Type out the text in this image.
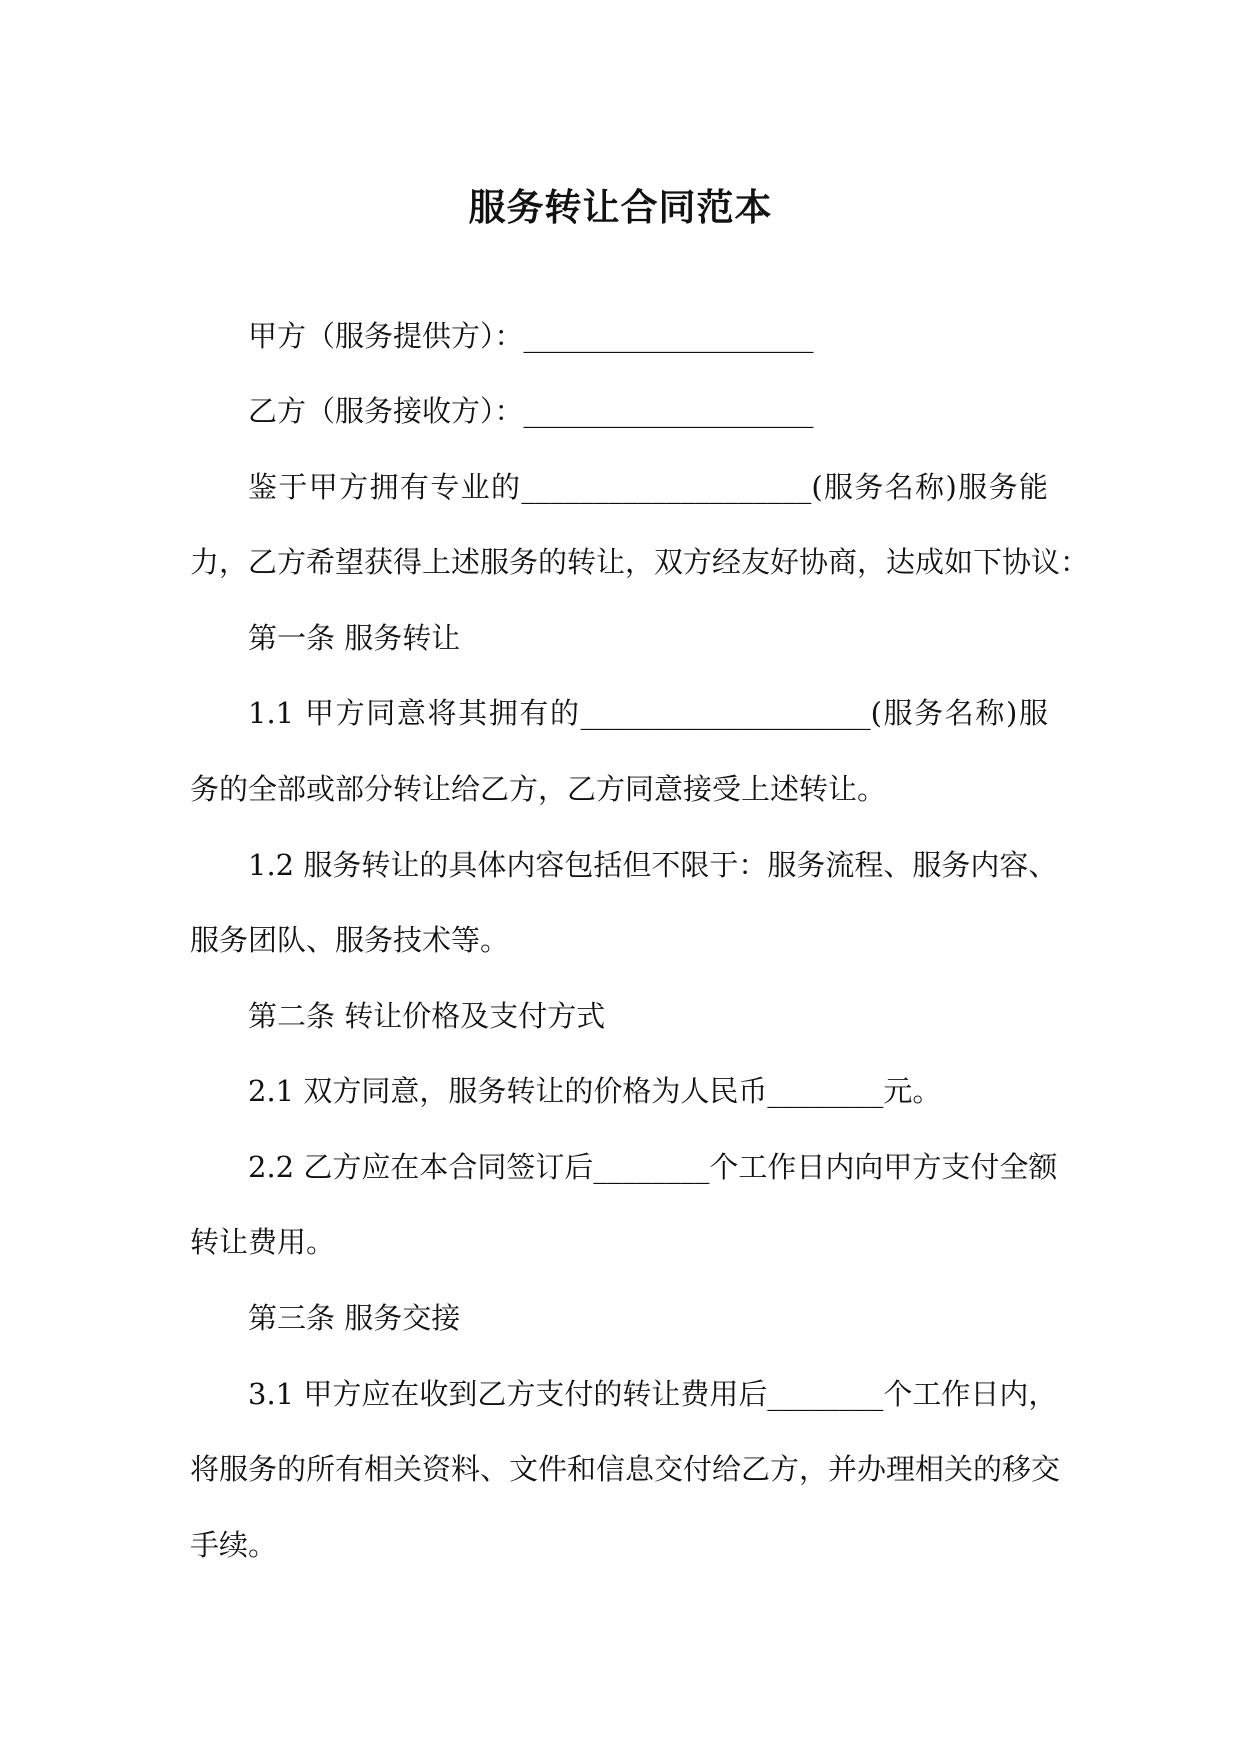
服务转让合同范本
甲方（服务提供方）：____________________
乙方（服务接收方）：____________________
鉴于甲方拥有专业的____________________(服务名称)服务能
力，乙方希望获得上述服务的转让，双方经友好协商，达成如下协议：
第一条 服务转让
1.1 甲方同意将其拥有的____________________(服务名称)服
务的全部或部分转让给乙方，乙方同意接受上述转让。
1.2 服务转让的具体内容包括但不限于：服务流程、服务内容、
服务团队、服务技术等。
第二条 转让价格及支付方式
2.1 双方同意，服务转让的价格为人民币________元。
2.2 乙方应在本合同签订后________个工作日内向甲方支付全额
转让费用。
第三条 服务交接
3.1 甲方应在收到乙方支付的转让费用后________个工作日内，
将服务的所有相关资料、文件和信息交付给乙方，并办理相关的移交
手续。
